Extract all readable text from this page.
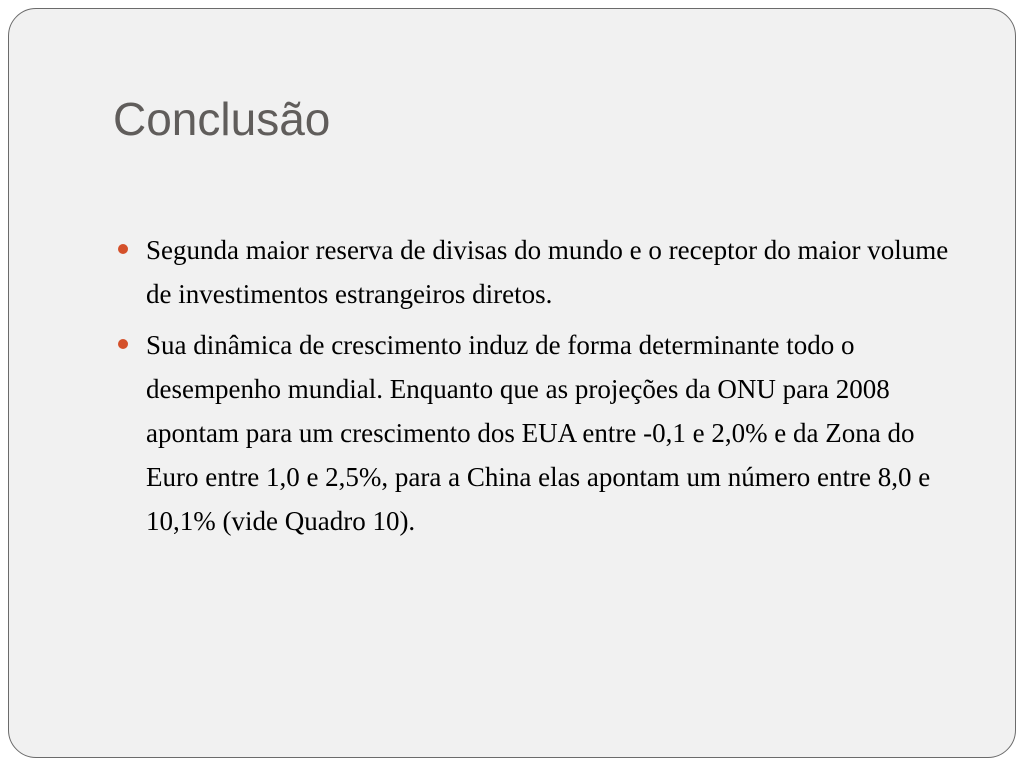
Conclusão
Segunda maior reserva de divisas do mundo e o receptor do maior volume de investimentos estrangeiros diretos.
Sua dinâmica de crescimento induz de forma determinante todo o desempenho mundial. Enquanto que as projeções da ONU para 2008 apontam para um crescimento dos EUA entre -0,1 e 2,0% e da Zona do Euro entre 1,0 e 2,5%, para a China elas apontam um número entre 8,0 e 10,1% (vide Quadro 10).
